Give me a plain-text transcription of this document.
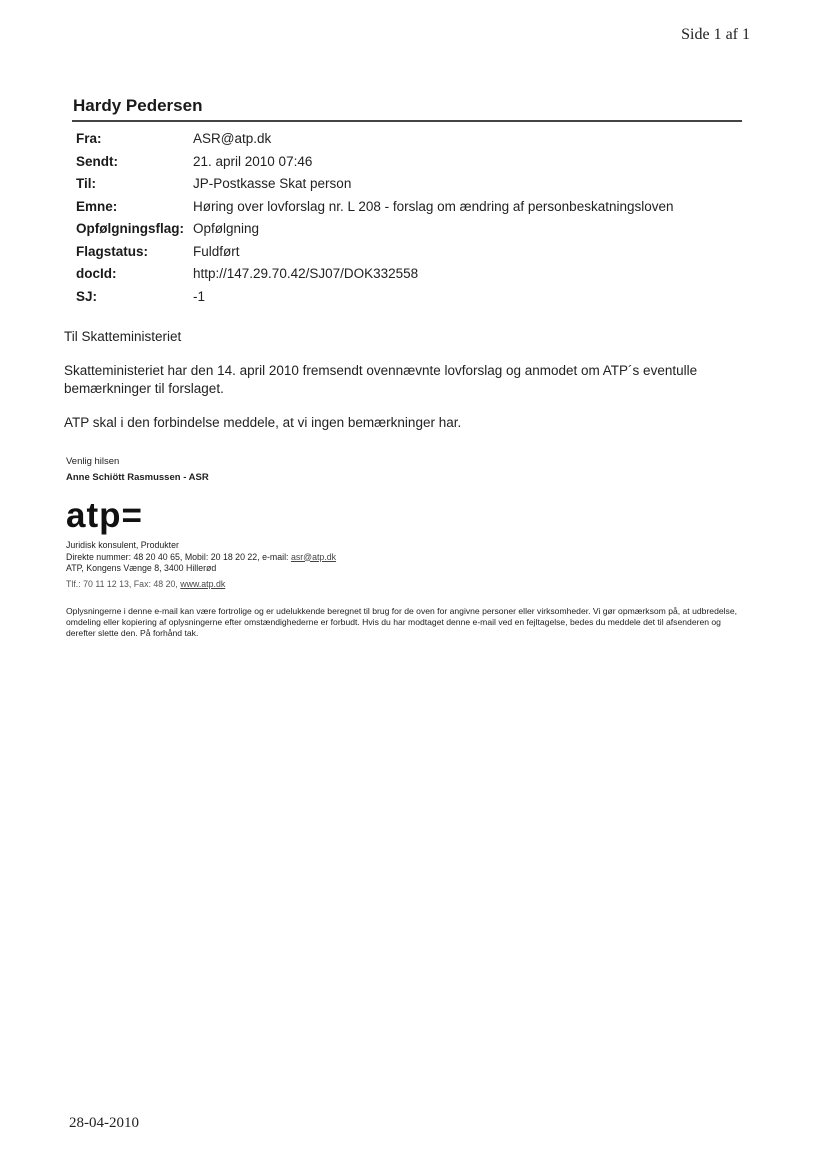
Side 1 af 1
Hardy Pedersen
Fra:	ASR@atp.dk
Sendt:	21. april 2010 07:46
Til:	JP-Postkasse Skat person
Emne:	Høring over lovforslag nr. L 208 - forslag om ændring af personbeskatningsloven
Opfølgningsflag:	Opfølgning
Flagstatus:	Fuldført
docId:	http://147.29.70.42/SJ07/DOK332558
SJ:	-1
Til Skatteministeriet
Skatteministeriet har den 14. april 2010 fremsendt ovennævnte lovforslag og anmodet om ATP´s eventulle bemærkninger til forslaget.
ATP skal i den forbindelse meddele, at vi ingen bemærkninger har.
Venlig hilsen
Anne Schiött Rasmussen - ASR
atp=
Juridisk konsulent, Produkter
Direkte nummer: 48 20 40 65, Mobil: 20 18 20 22, e-mail: asr@atp.dk
ATP, Kongens Vænge 8, 3400 Hillerød
Tlf.: 70 11 12 13, Fax: 48 20, www.atp.dk
Oplysningerne i denne e-mail kan være fortrolige og er udelukkende beregnet til brug for de oven for angivne personer eller virksomheder. Vi gør opmærksom på, at udbredelse, omdeling eller kopiering af oplysningerne efter omstændighederne er forbudt. Hvis du har modtaget denne e-mail ved en fejltagelse, bedes du meddele det til afsenderen og derefter slette den. På forhånd tak.
28-04-2010
